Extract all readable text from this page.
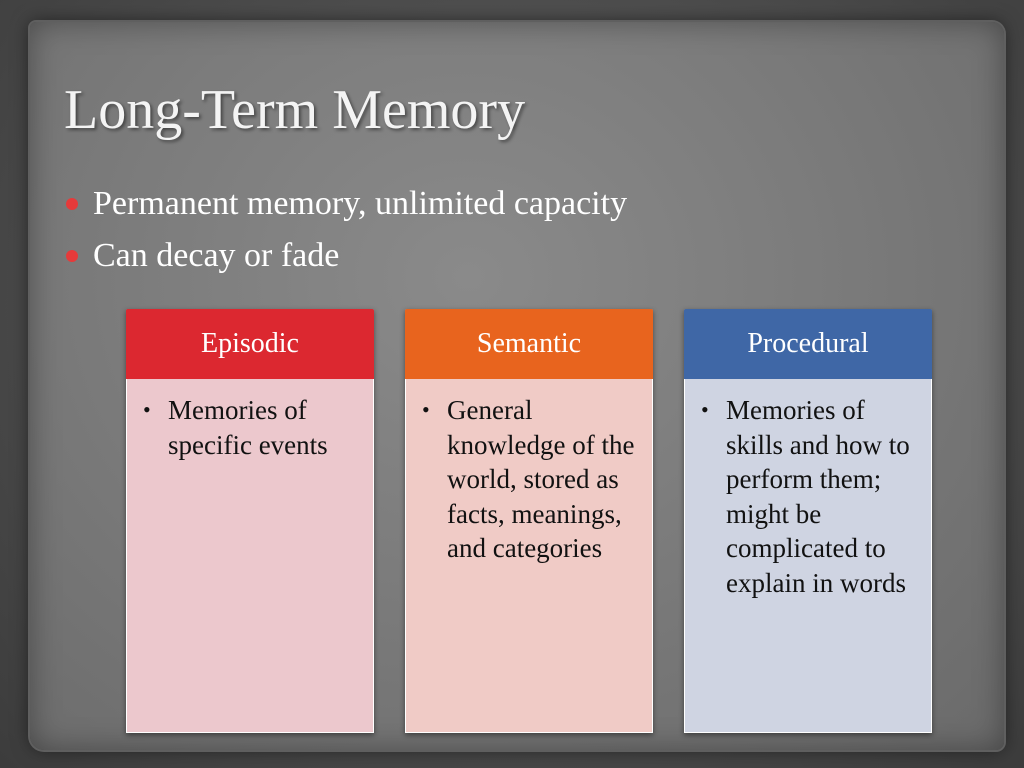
Long-Term Memory
Permanent memory, unlimited capacity
Can decay or fade
Episodic
• Memories of specific events
Semantic
• General knowledge of the world, stored as facts, meanings, and categories
Procedural
• Memories of skills and how to perform them; might be complicated to explain in words
